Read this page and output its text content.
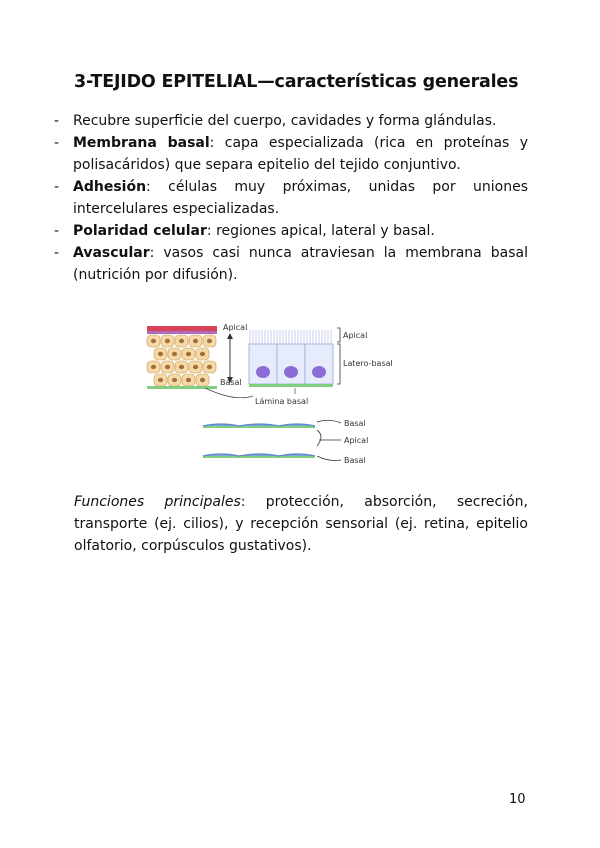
3-TEJIDO EPITELIAL—características generales
- Recubre superficie del cuerpo, cavidades y forma glándulas.
- Membrana basal: capa especializada (rica en proteínas y polisacáridos) que separa epitelio del tejido conjuntivo.
- Adhesión: células muy próximas, unidas por uniones intercelulares especializadas.
- Polaridad celular: regiones apical, lateral y basal.
- Avascular: vasos casi nunca atraviesan la membrana basal (nutrición por difusión).
Apical
Basal
Apical
Latero-basal
Lámina basal
Basal
Apical
Basal
Funciones principales: protección, absorción, secreción, transporte (ej. cilios), y recepción sensorial (ej. retina, epitelio olfatorio, corpúsculos gustativos).
10
